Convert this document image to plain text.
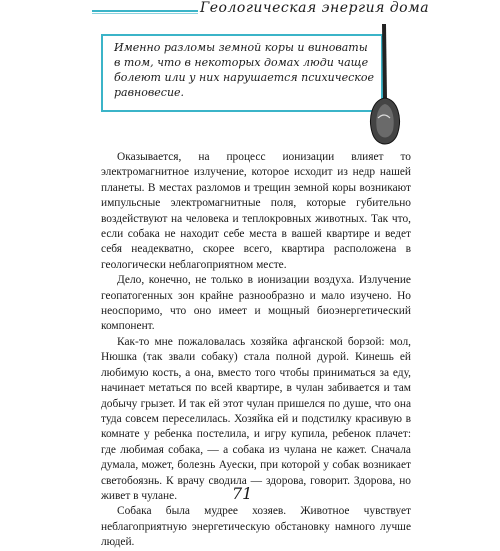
Геологическая энергия дома
Именно разломы земной коры и виноваты в том, что в некоторых домах люди чаще болеют или у них нарушается психическое равновесие.

Оказывается, на процесс ионизации влияет то электромагнитное излучение, которое исходит из недр нашей планеты. В местах разломов и трещин земной коры возникают импульсные электромагнитные поля, которые губительно воздействуют на человека и теплокровных животных. Так что, если собака не находит себе места в вашей квартире и ведет себя неадекватно, скорее всего, квартира расположена в геологически неблагоприятном месте.

Дело, конечно, не только в ионизации воздуха. Излучение геопатогенных зон крайне разнообразно и мало изучено. Но неоспоримо, что оно имеет и мощный биоэнергетический компонент.

Как-то мне пожаловалась хозяйка афганской борзой: мол, Нюшка (так звали собаку) стала полной дурой. Кинешь ей любимую кость, а она, вместо того чтобы приниматься за еду, начинает метаться по всей квартире, в чулан забивается и там добычу грызет. И так ей этот чулан пришелся по душе, что она туда совсем переселилась. Хозяйка ей и подстилку красивую в комнате у ребенка постелила, и игру купила, ребенок плачет: где любимая собака, — а собака из чулана не кажет. Сначала думала, может, болезнь Ауески, при которой у собак возникает светобоязнь. К врачу сводила — здорова, говорит. Здорова, но живет в чулане.

Собака была мудрее хозяев. Животное чувствует неблагоприятную энергетическую обстановку намного лучше людей.

71
